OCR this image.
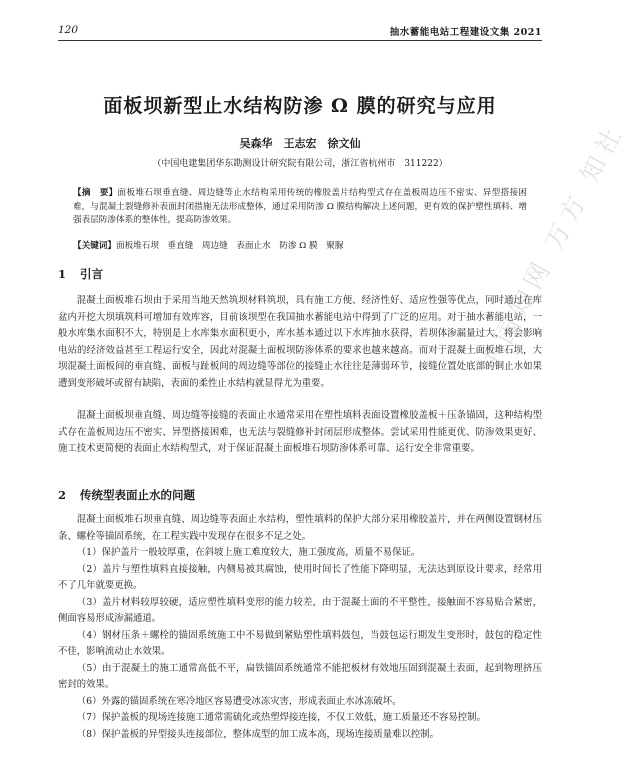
120	抽水蓄能电站工程建设文集 2021
面板坝新型止水结构防渗 Ω 膜的研究与应用
吴森华　王志宏　徐文仙
（中国电建集团华东勘测设计研究院有限公司，浙江省杭州市　311222）
【摘　要】面板堆石坝垂直缝、周边缝等止水结构采用传统的橡胶盖片结构型式存在盖板周边压不密实、异型搭接困难，与混凝土裂缝修补表面封闭措施无法形成整体，通过采用防渗 Ω 膜结构解决上述问题，更有效的保护塑性填料、增强表层防渗体系的整体性，提高防渗效果。
【关键词】面板堆石坝　垂直缝　周边缝　表面止水　防渗 Ω 膜　聚脲
1 引言

混凝土面板堆石坝由于采用当地天然筑坝材料筑坝，具有施工方便、经济性好、适应性强等优点，同时通过在库盆内开挖大坝填筑料可增加有效库容，目前该坝型在我国抽水蓄能电站中得到了广泛的应用。对于抽水蓄能电站，一般水库集水面积不大，特别是上水库集水面积更小，库水基本通过以下水库抽水获得，若坝体渗漏量过大，将会影响电站的经济效益甚至工程运行安全，因此对混凝土面板坝防渗体系的要求也越来越高。而对于混凝土面板堆石坝，大坝混凝土面板间的垂直缝、面板与趾板间的周边缝等部位的接缝止水往往是薄弱环节，接缝位置处底部的铜止水如果遭到变形破坏或留有缺陷，表面的柔性止水结构就显得尤为重要。

混凝土面板坝垂直缝、周边缝等接缝的表面止水通常采用在塑性填料表面设置橡胶盖板＋压条锚固，这种结构型式存在盖板周边压不密实、异型搭接困难，也无法与裂缝修补封闭层形成整体。尝试采用性能更优、防渗效果更好、施工技术更简便的表面止水结构型式，对于保证混凝土面板堆石坝防渗体系可靠、运行安全非常重要。

2 传统型表面止水的问题

混凝土面板堆石坝垂直缝、周边缝等表面止水结构，塑性填料的保护大部分采用橡胶盖片，并在两侧设置钢材压条、螺栓等锚固系统，在工程实践中发现存在很多不足之处。

（1）保护盖片一般较厚重，在斜坡上施工难度较大，施工强度高，质量不易保证。
（2）盖片与塑性填料直接接触，内侧易被其腐蚀，使用时间长了性能下降明显，无法达到原设计要求，经常用不了几年就要更换。
（3）盖片材料较厚较硬，适应塑性填料变形的能力较差，由于混凝土面的不平整性，接触面不容易贴合紧密，侧面容易形成渗漏通道。
（4）钢材压条＋螺栓的锚固系统施工中不易做到紧贴塑性填料鼓包，当鼓包运行期发生变形时，鼓包的稳定性不佳，影响流动止水效果。
（5）由于混凝土的施工通常高低不平，扁铁锚固系统通常不能把板材有效地压固到混凝土表面，起到物理挤压密封的效果。
（6）外露的锚固系统在寒冷地区容易遭受冰冻灾害，形成表面止水冰冻破坏。
（7）保护盖板的现场连接施工通常需硫化或热塑焊接连接，不仅工效低，施工质量还不容易控制。
（8）保护盖板的异型接头连接部位，整体成型的加工成本高，现场连接质量难以控制。
中国知网 万方 知社
